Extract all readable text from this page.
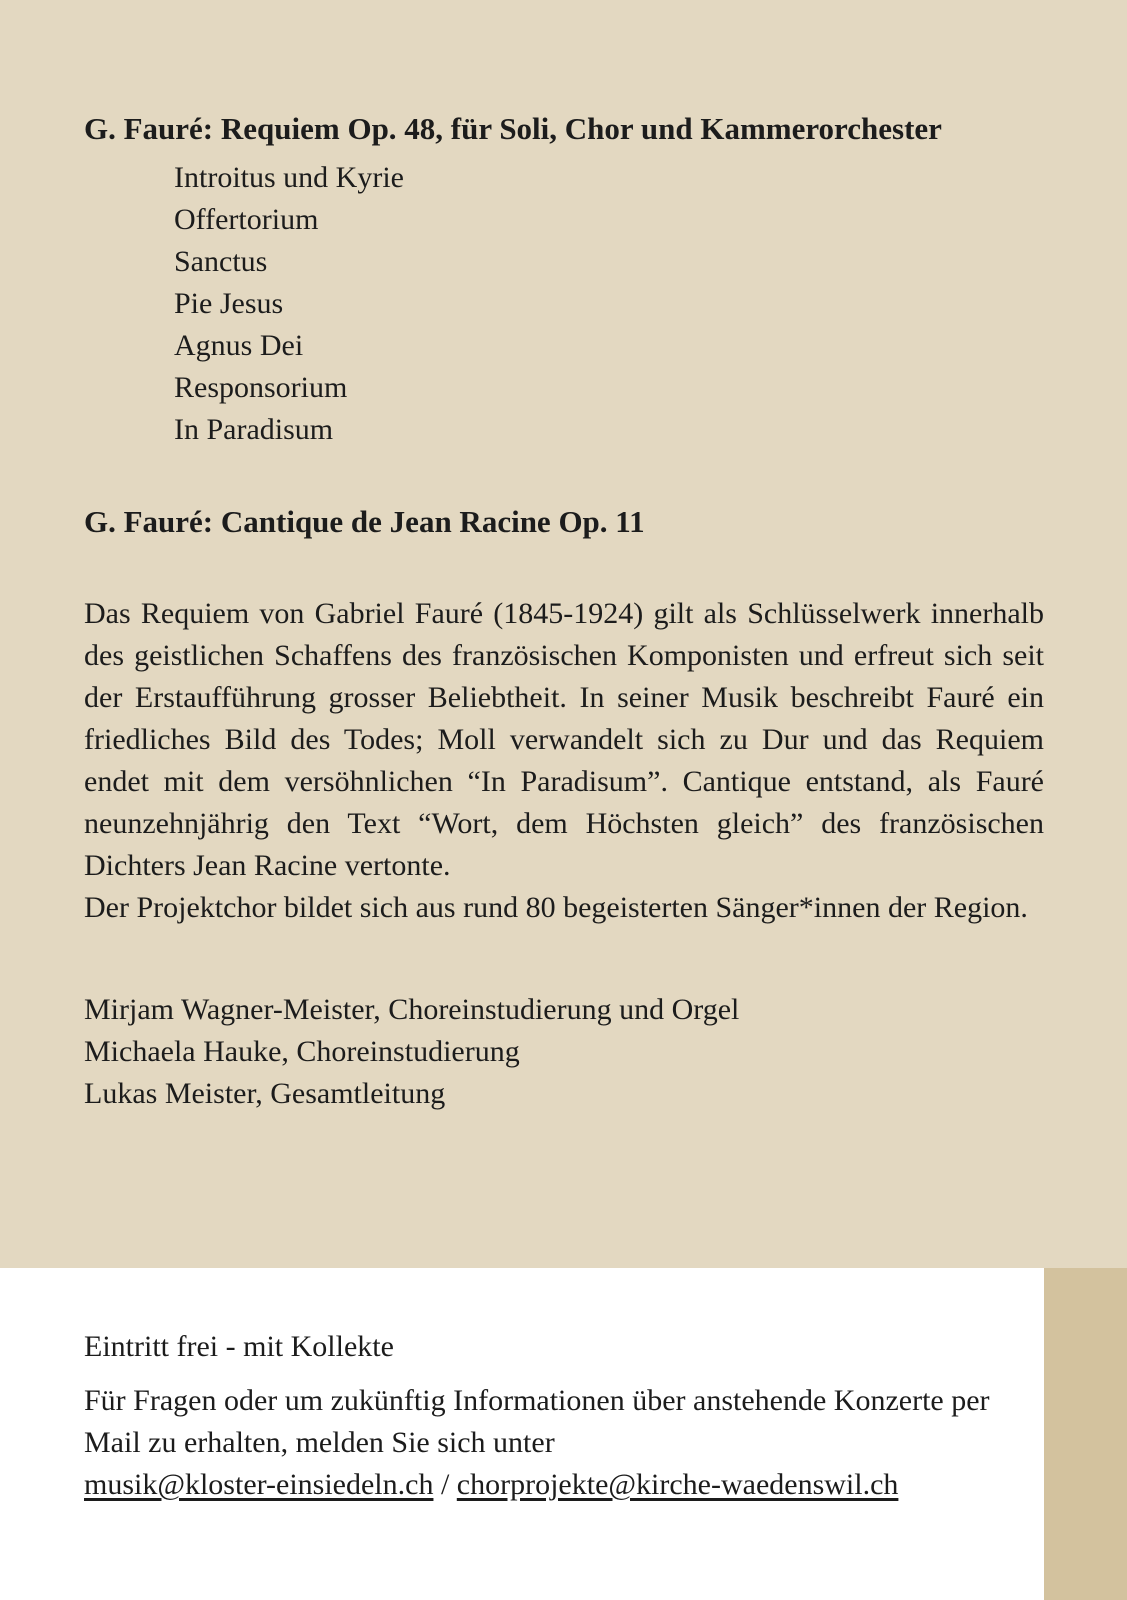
G. Fauré: Requiem Op. 48, für Soli, Chor und Kammerorchester
Introitus und Kyrie
Offertorium
Sanctus
Pie Jesus
Agnus Dei
Responsorium
In Paradisum
G. Fauré: Cantique de Jean Racine Op. 11

Das Requiem von Gabriel Fauré (1845-1924) gilt als Schlüsselwerk innerhalb des geistlichen Schaffens des französischen Komponisten und erfreut sich seit der Erstaufführung grosser Beliebtheit. In seiner Musik beschreibt Fauré ein friedliches Bild des Todes; Moll verwandelt sich zu Dur und das Requiem endet mit dem versöhnlichen “In Paradisum”. Cantique entstand, als Fauré neunzehnjährig den Text “Wort, dem Höchsten gleich” des französischen Dichters Jean Racine vertonte.

Der Projektchor bildet sich aus rund 80 begeisterten Sänger*innen der Region.

Mirjam Wagner-Meister, Choreinstudierung und Orgel
Michaela Hauke, Choreinstudierung
Lukas Meister, Gesamtleitung
Eintritt frei - mit Kollekte
Für Fragen oder um zukünftig Informationen über anstehende Konzerte per Mail zu erhalten, melden Sie sich unter
musik@kloster-einsiedeln.ch / chorprojekte@kirche-waedenswil.ch
